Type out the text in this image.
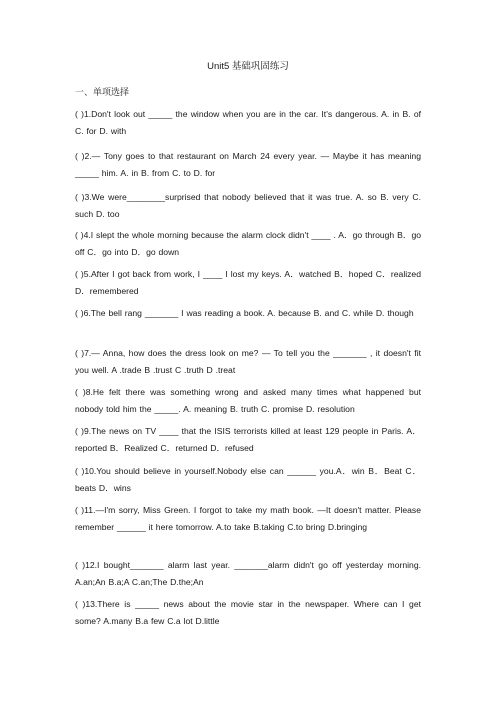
Unit5 基础巩固练习
一、单项选择
( )1.Don't look out _____ the window when you are in the car. It's dangerous. A. in B. of C. for D. with
( )2.— Tony goes to that restaurant on March 24 every year. — Maybe it has meaning _____ him. A. in B. from C. to D. for
( )3.We were________surprised that nobody believed that it was true. A. so B. very C. such D. too
( )4.I slept the whole morning because the alarm clock didn't ____ . A．go through B．go off C．go into D．go down
( )5.After I got back from work, I ____ I lost my keys. A．watched B．hoped C．realized D．remembered
( )6.The bell rang _______ I was reading a book. A. because B. and C. while D. though
( )7.— Anna, how does the dress look on me? — To tell you the _______ , it doesn't fit you well. A .trade B .trust C .truth D .treat
( )8.He felt there was something wrong and asked many times what happened but nobody told him the _____. A. meaning B. truth C. promise D. resolution
( )9.The news on TV ____ that the ISIS terrorists killed at least 129 people in Paris. A．reported B．Realized C．returned D．refused
( )10.You should believe in yourself.Nobody else can ______ you.A．win B．Beat C．beats D．wins
( )11.—I'm sorry, Miss Green. I forgot to take my math book. —It doesn't matter. Please remember ______ it here tomorrow. A.to take B.taking C.to bring D.bringing
( )12.I bought_______ alarm last year. _______alarm didn't go off yesterday morning. A.an;An B.a;A C.an;The D.the;An
( )13.There is _____ news about the movie star in the newspaper. Where can I get some? A.many B.a few C.a lot D.little
